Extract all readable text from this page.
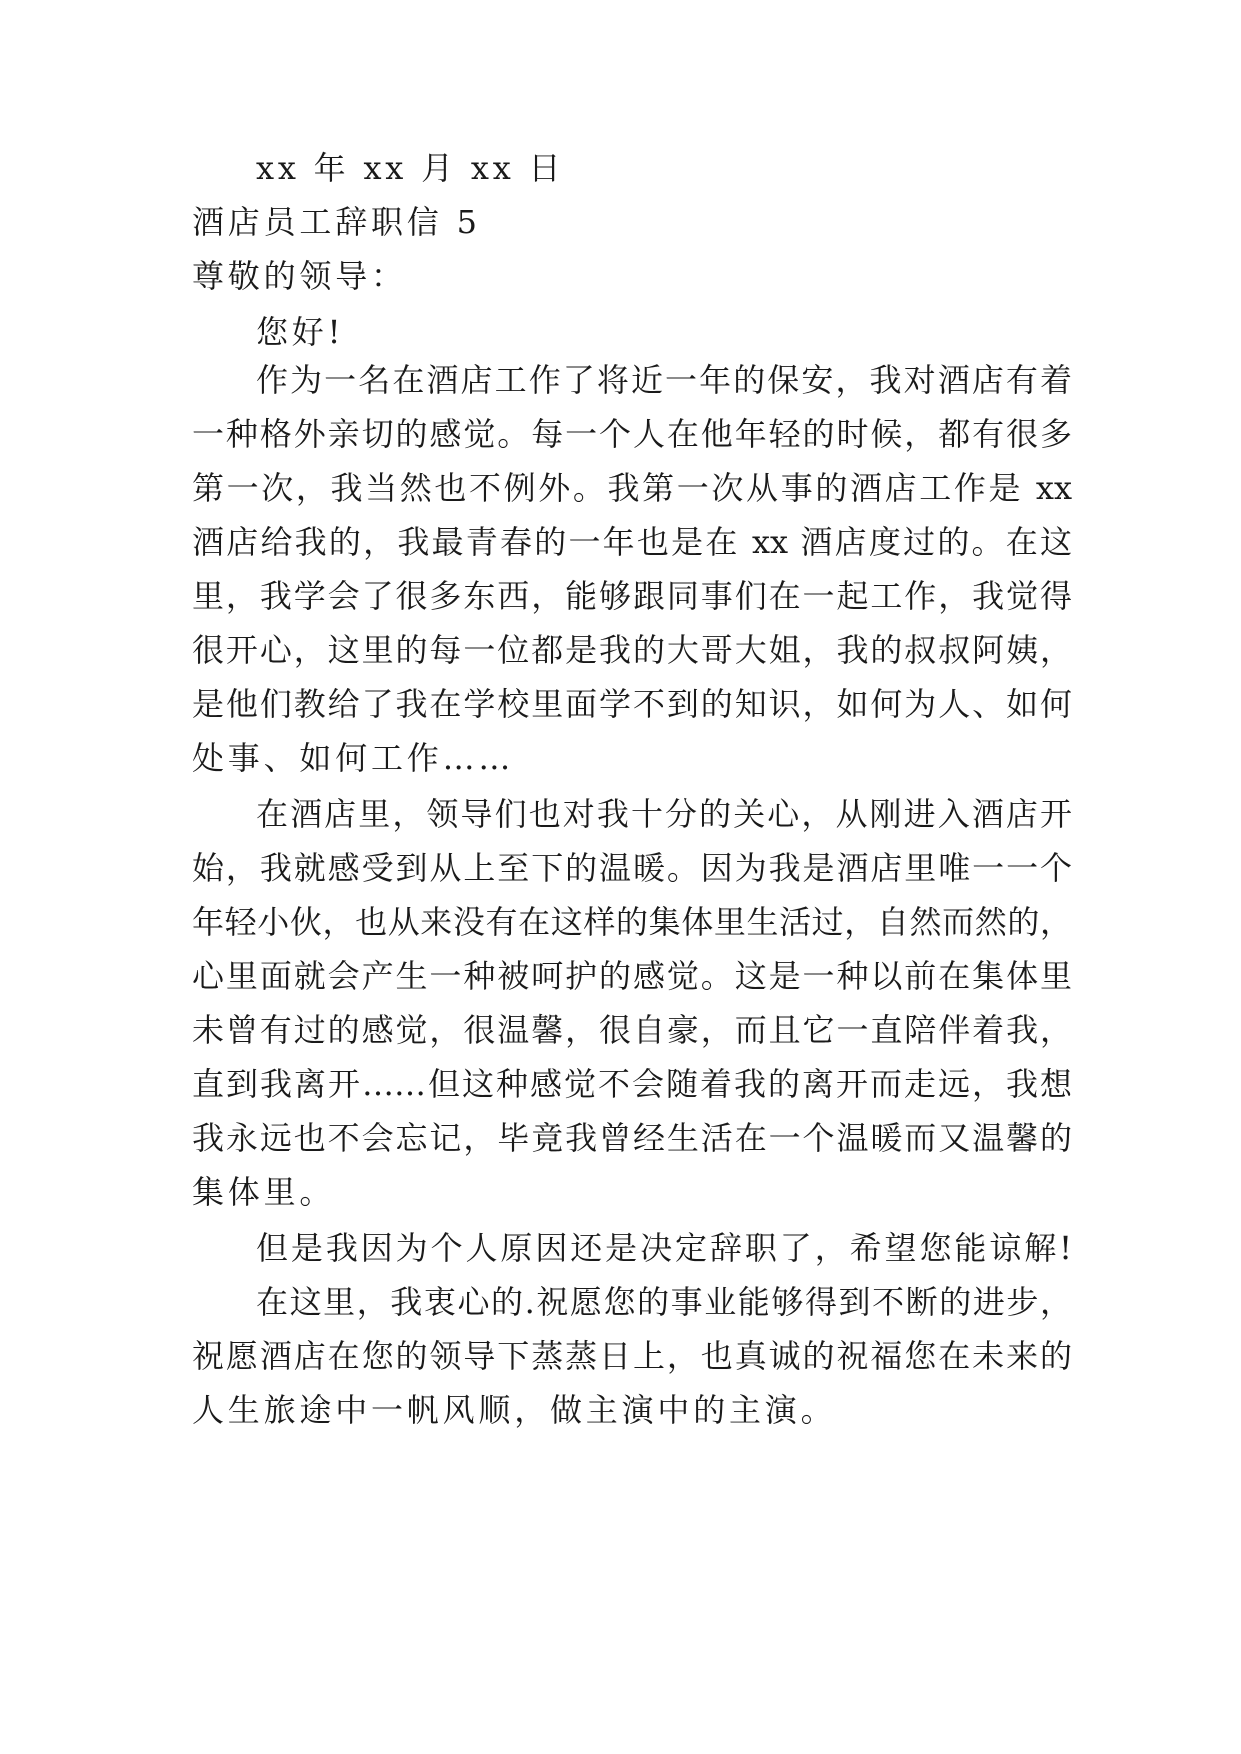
xx 年 xx 月 xx 日
酒店员工辞职信 5
尊敬的领导：
您好!
作为一名在酒店工作了将近一年的保安，我对酒店有着
一种格外亲切的感觉。每一个人在他年轻的时候，都有很多
第一次，我当然也不例外。我第一次从事的酒店工作是 xx
酒店给我的，我最青春的一年也是在 xx 酒店度过的。在这
里，我学会了很多东西，能够跟同事们在一起工作，我觉得
很开心，这里的每一位都是我的大哥大姐，我的叔叔阿姨，
是他们教给了我在学校里面学不到的知识，如何为人、如何
处事、如何工作……
在酒店里，领导们也对我十分的关心，从刚进入酒店开
始，我就感受到从上至下的温暖。因为我是酒店里唯一一个
年轻小伙，也从来没有在这样的集体里生活过，自然而然的，
心里面就会产生一种被呵护的感觉。这是一种以前在集体里
未曾有过的感觉，很温馨，很自豪，而且它一直陪伴着我，
直到我离开……但这种感觉不会随着我的离开而走远，我想
我永远也不会忘记，毕竟我曾经生活在一个温暖而又温馨的
集体里。
但是我因为个人原因还是决定辞职了，希望您能谅解!
在这里，我衷心的.祝愿您的事业能够得到不断的进步，
祝愿酒店在您的领导下蒸蒸日上，也真诚的祝福您在未来的
人生旅途中一帆风顺，做主演中的主演。
